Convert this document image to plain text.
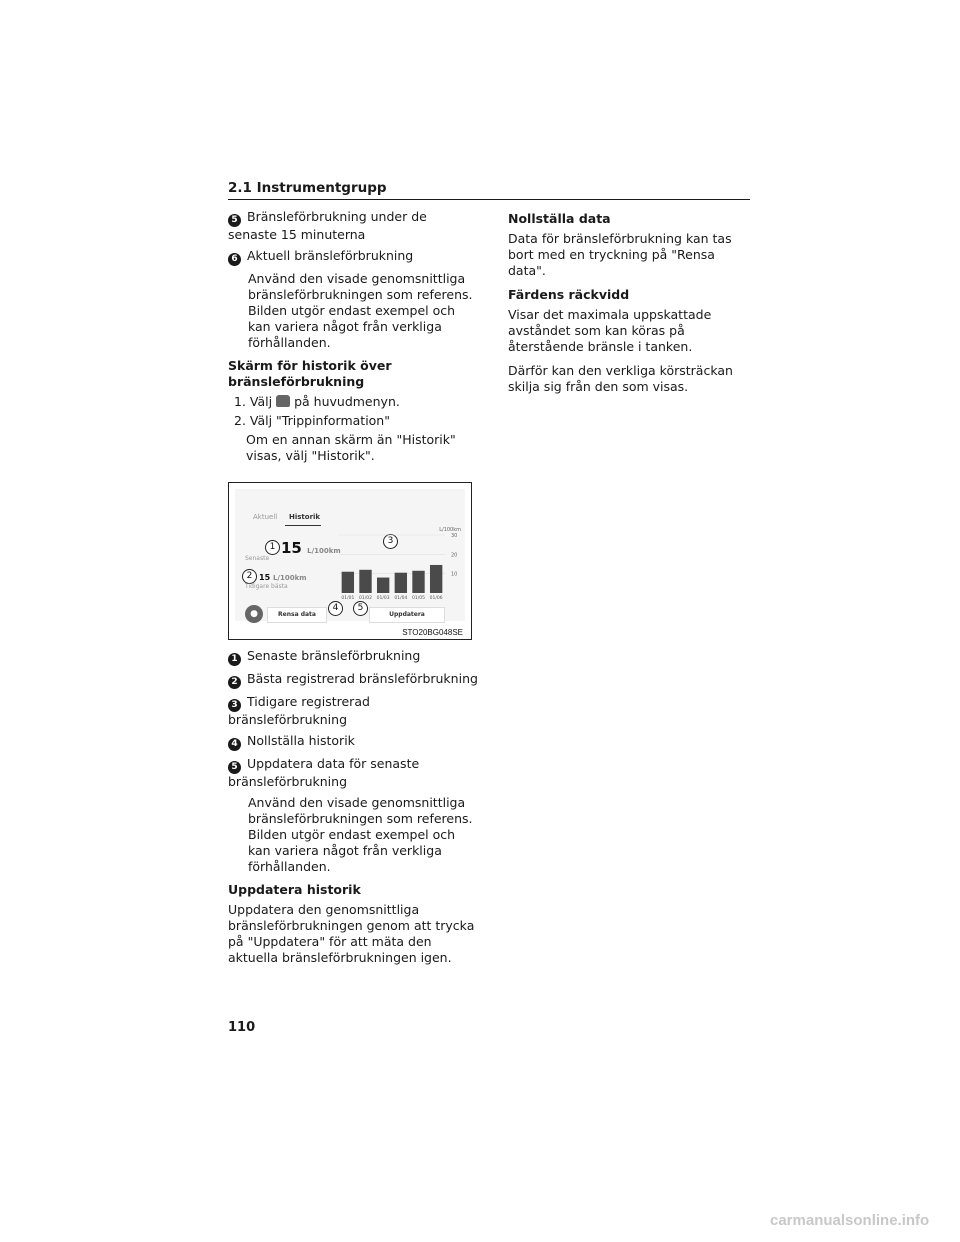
2.1 Instrumentgrupp
5 Bränsleförbrukning under de senaste 15 minuterna
6 Aktuell bränsleförbrukning
Använd den visade genomsnittliga bränsleförbrukningen som referens. Bilden utgör endast exempel och kan variera något från verkliga förhållanden.
Skärm för historik över bränsleförbrukning
1. Välj på huvudmenyn.
2. Välj "Trippinformation"
Om en annan skärm än "Historik" visas, välj "Historik".
Aktuell Historik
1 15 L/100km
Senaste
2 15 L/100km
Tidigare bästa
3
L/100km
10
20
30
01/01 01/02 01/03 01/04 01/05 01/06
●	Rensa data
4	5
Uppdatera
STO20BG048SE
1 Senaste bränsleförbrukning
2 Bästa registrerad bränsleförbrukning
3 Tidigare registrerad bränsleförbrukning
4 Nollställa historik
5 Uppdatera data för senaste bränsleförbrukning
Använd den visade genomsnittliga bränsleförbrukningen som referens. Bilden utgör endast exempel och kan variera något från verkliga förhållanden.
Uppdatera historik
Uppdatera den genomsnittliga bränsleförbrukningen genom att trycka på "Uppdatera" för att mäta den aktuella bränsleförbrukningen igen.
Nollställa data
Data för bränsleförbrukning kan tas bort med en tryckning på "Rensa data".
Färdens räckvidd
Visar det maximala uppskattade avståndet som kan köras på återstående bränsle i tanken.
Därför kan den verkliga körsträckan skilja sig från den som visas.
110
carmanualsonline.info
